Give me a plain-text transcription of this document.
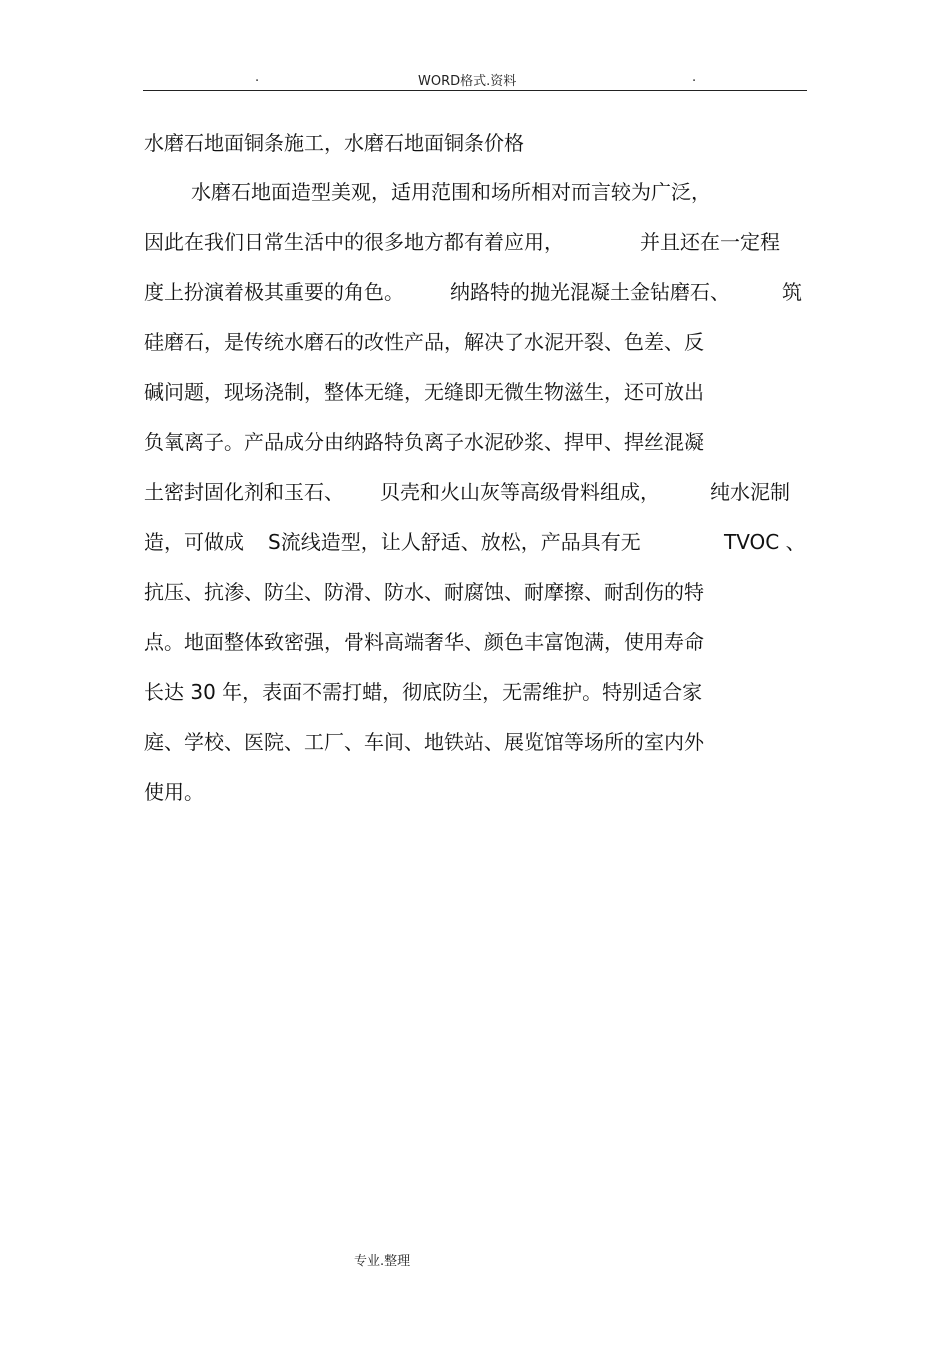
.	WORD格式.资料	.
水磨石地面铜条施工，水磨石地面铜条价格
水磨石地面造型美观，适用范围和场所相对而言较为广泛，
因此在我们日常生活中的很多地方都有着应用，	并且还在一定程
度上扮演着极其重要的角色。 纳路特的抛光混凝土金钻磨石、	筑
硅磨石，是传统水磨石的改性产品，解决了水泥开裂、色差、反
碱问题，现场浇制，整体无缝，无缝即无微生物滋生，还可放出
负氧离子。产品成分由纳路特负离子水泥砂浆、捍甲、捍丝混凝
土密封固化剂和玉石、 贝壳和火山灰等高级骨料组成，	纯水泥制
造，可做成 S流线造型，让人舒适、放松，产品具有无	TVOC 、
抗压、抗渗、防尘、防滑、防水、耐腐蚀、耐摩擦、耐刮伤的特
点。地面整体致密强，骨料高端奢华、颜色丰富饱满，使用寿命
长达 30 年，表面不需打蜡，彻底防尘，无需维护。特别适合家
庭、学校、医院、工厂、车间、地铁站、展览馆等场所的室内外
使用。
专业.整理
